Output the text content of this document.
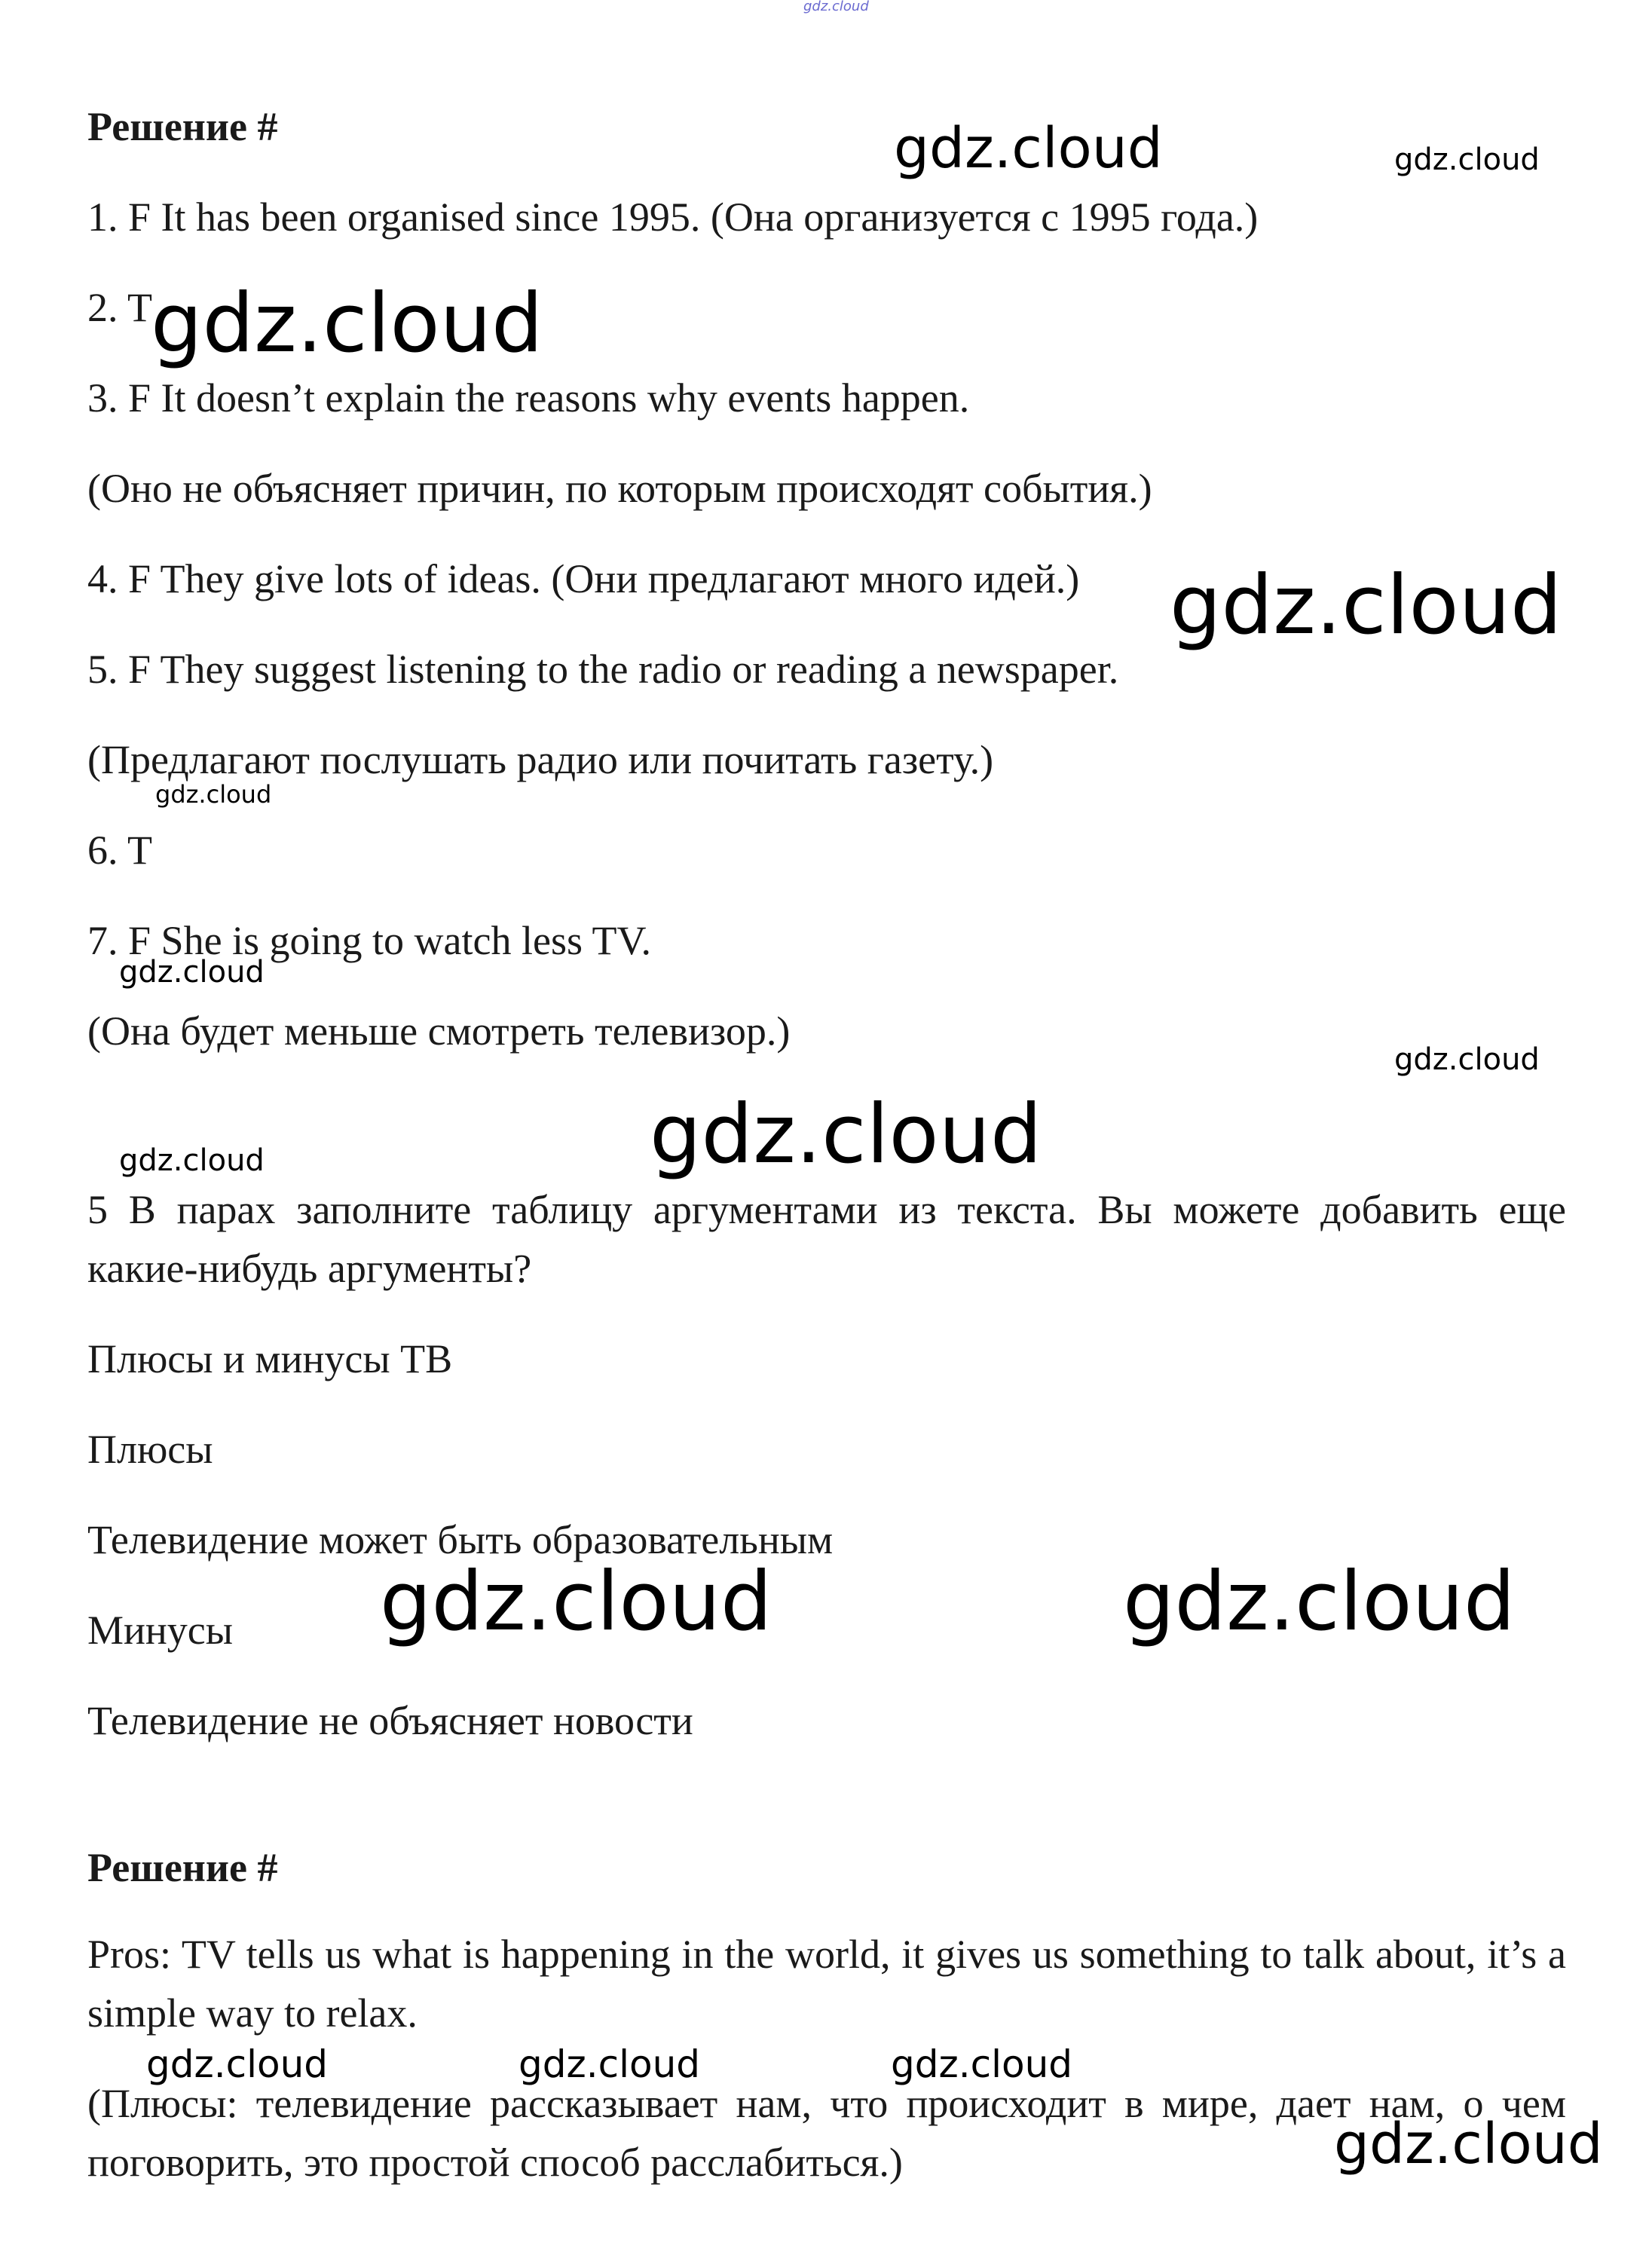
Решение #
1. F It has been organised since 1995. (Она организуется с 1995 года.)
2. T
3. F It doesn’t explain the reasons why events happen.
(Оно не объясняет причин, по которым происходят события.)
4. F They give lots of ideas. (Они предлагают много идей.)
5. F They suggest listening to the radio or reading a newspaper.
(Предлагают послушать радио или почитать газету.)
6. T
7. F She is going to watch less TV.
(Она будет меньше смотреть телевизор.)
5 В парах заполните таблицу аргументами из текста. Вы можете добавить еще какие-нибудь аргументы?
Плюсы и минусы ТВ
Плюсы
Телевидение может быть образовательным
Минусы
Телевидение не объясняет новости
Решение #
Pros: TV tells us what is happening in the world, it gives us something to talk about, it’s a simple way to relax.
(Плюсы: телевидение рассказывает нам, что происходит в мире, дает нам, о чем поговорить, это простой способ расслабиться.)
gdz.cloud
gdz.cloud	gdz.cloud
gdz.cloud
gdz.cloud
gdz.cloud
gdz.cloud
gdz.cloud
gdz.cloud
gdz.cloud
gdz.cloud	gdz.cloud
gdz.cloud	gdz.cloud	gdz.cloud
gdz.cloud
